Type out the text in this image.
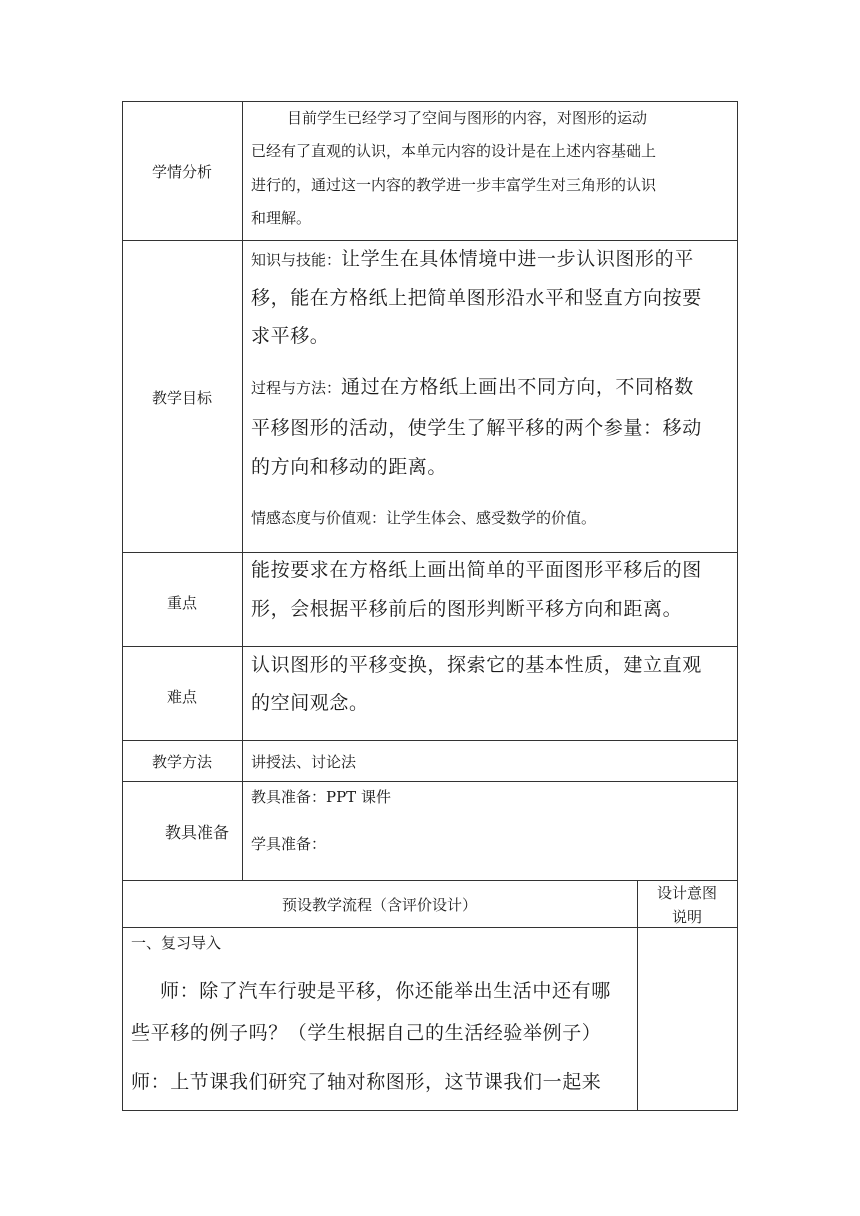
学情分析
目前学生已经学习了空间与图形的内容，对图形的运动
已经有了直观的认识，本单元内容的设计是在上述内容基础上
进行的，通过这一内容的教学进一步丰富学生对三角形的认识
和理解。
教学目标
知识与技能：让学生在具体情境中进一步认识图形的平
移，能在方格纸上把简单图形沿水平和竖直方向按要
求平移。
过程与方法：通过在方格纸上画出不同方向，不同格数
平移图形的活动，使学生了解平移的两个参量：移动
的方向和移动的距离。
情感态度与价值观：让学生体会、感受数学的价值。
重点
能按要求在方格纸上画出简单的平面图形平移后的图
形，会根据平移前后的图形判断平移方向和距离。
难点
认识图形的平移变换，探索它的基本性质，建立直观
的空间观念。
教学方法	讲授法、讨论法
教具准备
教具准备：PPT 课件
学具准备：
预设教学流程（含评价设计）
设计意图
说明
一、复习导入
师：除了汽车行驶是平移，你还能举出生活中还有哪
些平移的例子吗？（学生根据自己的生活经验举例子）
师：上节课我们研究了轴对称图形，这节课我们一起来
